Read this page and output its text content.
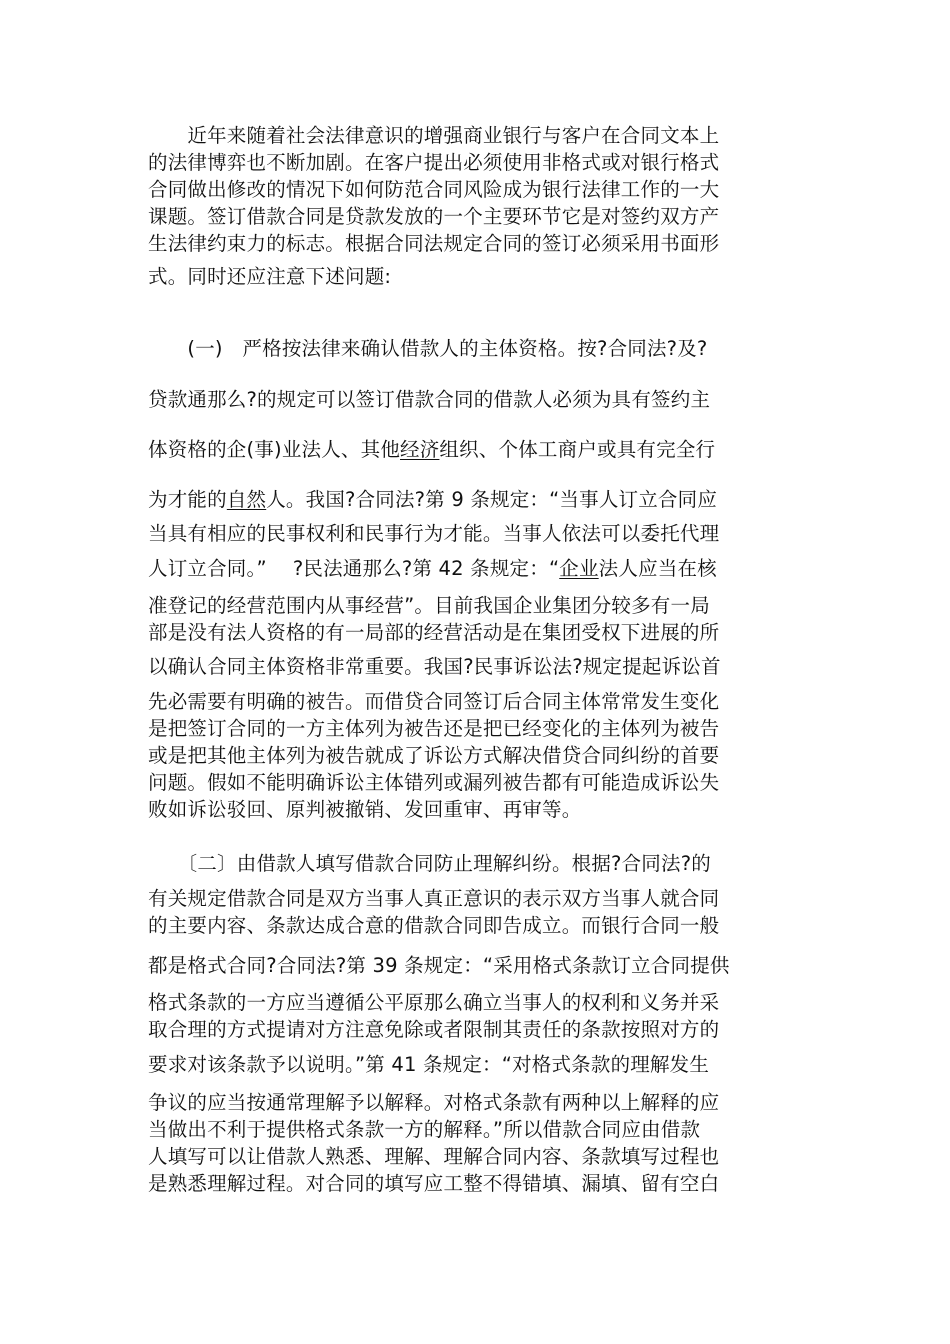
　　近年来随着社会法律意识的增强商业银行与客户在合同文本上
的法律博弈也不断加剧。在客户提出必须使用非格式或对银行格式
合同做出修改的情况下如何防范合同风险成为银行法律工作的一大
课题。签订借款合同是贷款发放的一个主要环节它是对签约双方产
生法律约束力的标志。根据合同法规定合同的签订必须采用书面形
式。同时还应注意下述问题:
　　(一)　严格按法律来确认借款人的主体资格。按?合同法?及?
贷款通那么?的规定可以签订借款合同的借款人必须为具有签约主
体资格的企(事)业法人、其他经济组织、个体工商户或具有完全行
为才能的自然人。我国?合同法?第 9 条规定：“当事人订立合同应
当具有相应的民事权利和民事行为才能。当事人依法可以委托代理
人订立合同。”　 ?民法通那么?第 42 条规定：“企业法人应当在核
准登记的经营范围内从事经营”。目前我国企业集团分较多有一局
部是没有法人资格的有一局部的经营活动是在集团受权下进展的所
以确认合同主体资格非常重要。我国?民事诉讼法?规定提起诉讼首
先必需要有明确的被告。而借贷合同签订后合同主体常常发生变化
是把签订合同的一方主体列为被告还是把已经变化的主体列为被告
或是把其他主体列为被告就成了诉讼方式解决借贷合同纠纷的首要
问题。假如不能明确诉讼主体错列或漏列被告都有可能造成诉讼失
败如诉讼驳回、原判被撤销、发回重审、再审等。
　　〔二〕由借款人填写借款合同防止理解纠纷。根据?合同法?的
有关规定借款合同是双方当事人真正意识的表示双方当事人就合同
的主要内容、条款达成合意的借款合同即告成立。而银行合同一般
都是格式合同?合同法?第 39 条规定：“采用格式条款订立合同提供
格式条款的一方应当遵循公平原那么确立当事人的权利和义务并采
取合理的方式提请对方注意免除或者限制其责任的条款按照对方的
要求对该条款予以说明。”第 41 条规定：“对格式条款的理解发生
争议的应当按通常理解予以解释。对格式条款有两种以上解释的应
当做出不利于提供格式条款一方的解释。”所以借款合同应由借款
人填写可以让借款人熟悉、理解、理解合同内容、条款填写过程也
是熟悉理解过程。对合同的填写应工整不得错填、漏填、留有空白
